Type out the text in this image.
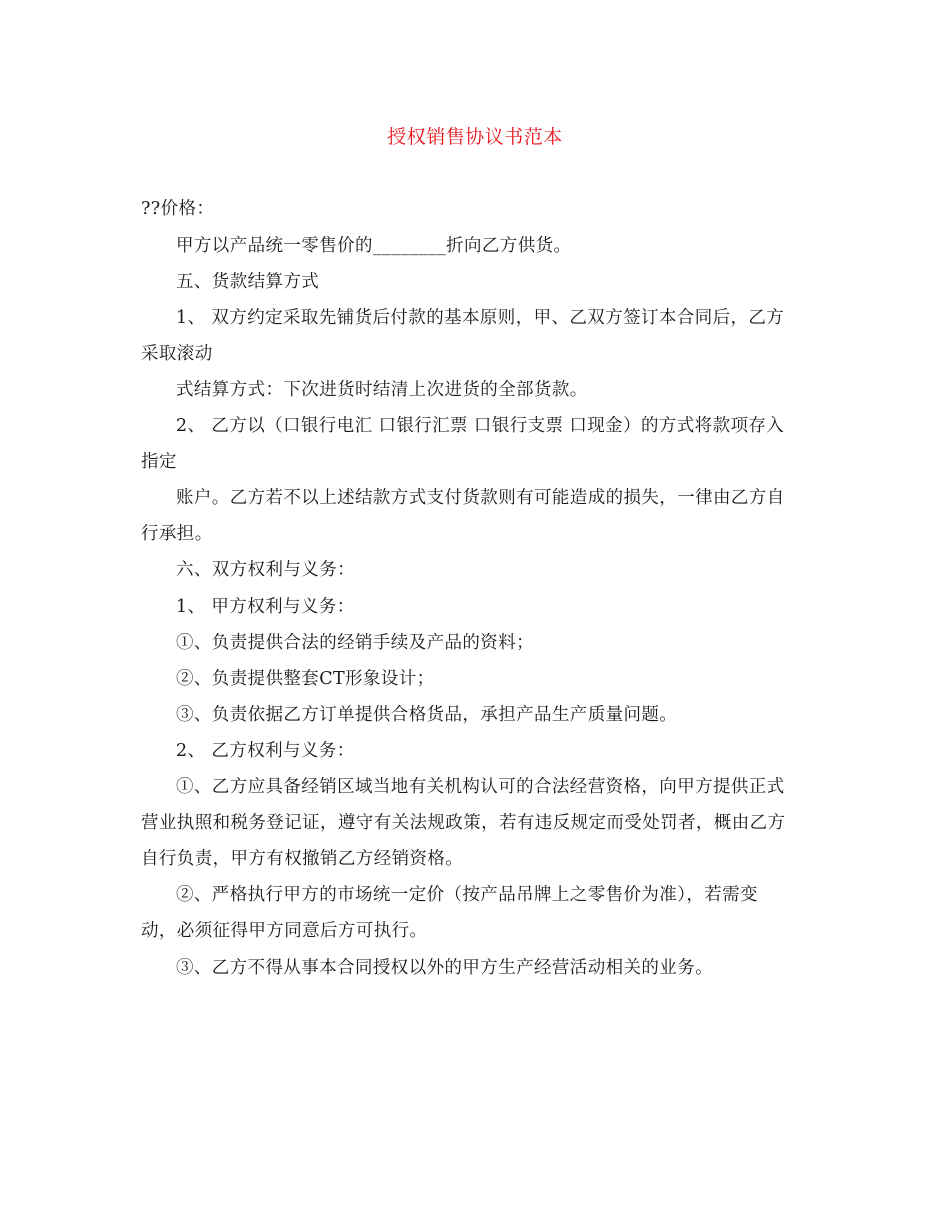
授权销售协议书范本
??价格：
甲方以产品统一零售价的________折向乙方供货。
五、货款结算方式
1、 双方约定采取先铺货后付款的基本原则，甲、乙双方签订本合同后，乙方
采取滚动
式结算方式：下次进货时结清上次进货的全部货款。
2、 乙方以（口银行电汇 口银行汇票 口银行支票 口现金）的方式将款项存入
指定
账户。乙方若不以上述结款方式支付货款则有可能造成的损失，一律由乙方自
行承担。
六、双方权利与义务：
1、 甲方权利与义务：
①、负责提供合法的经销手续及产品的资料；
②、负责提供整套CT形象设计；
③、负责依据乙方订单提供合格货品，承担产品生产质量问题。
2、 乙方权利与义务：
①、乙方应具备经销区域当地有关机构认可的合法经营资格，向甲方提供正式
营业执照和税务登记证，遵守有关法规政策，若有违反规定而受处罚者，概由乙方
自行负责，甲方有权撤销乙方经销资格。
②、严格执行甲方的市场统一定价（按产品吊牌上之零售价为准），若需变
动，必须征得甲方同意后方可执行。
③、乙方不得从事本合同授权以外的甲方生产经营活动相关的业务。
